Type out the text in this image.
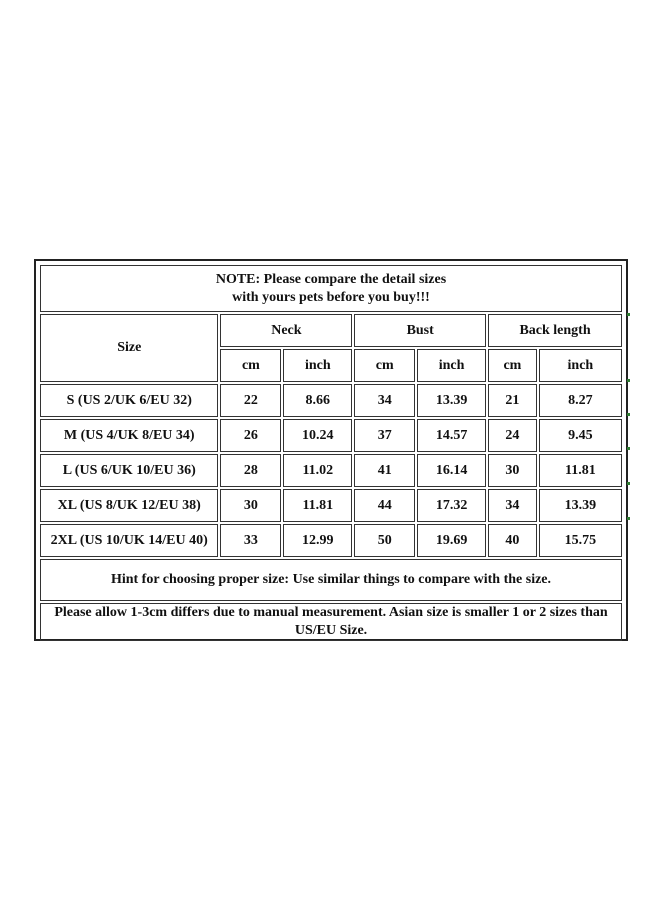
NOTE: Please compare the detail sizes
with yours pets before you buy!!!						

Size	Neck		Bust		Back length	
	cm	inch	cm	inch	cm	inch
S (US 2/UK 6/EU 32)	22	8.66	34	13.39	21	8.27
M (US 4/UK 8/EU 34)	26	10.24	37	14.57	24	9.45
L (US 6/UK 10/EU 36)	28	11.02	41	16.14	30	11.81
XL (US 8/UK 12/EU 38)	30	11.81	44	17.32	34	13.39
2XL (US 10/UK 14/EU 40)	33	12.99	50	19.69	40	15.75
Hint for choosing proper size: Use similar things to compare with the size.						
Please allow 1-3cm differs due to manual measurement. Asian size is smaller 1 or 2 sizes than US/EU Size.						
